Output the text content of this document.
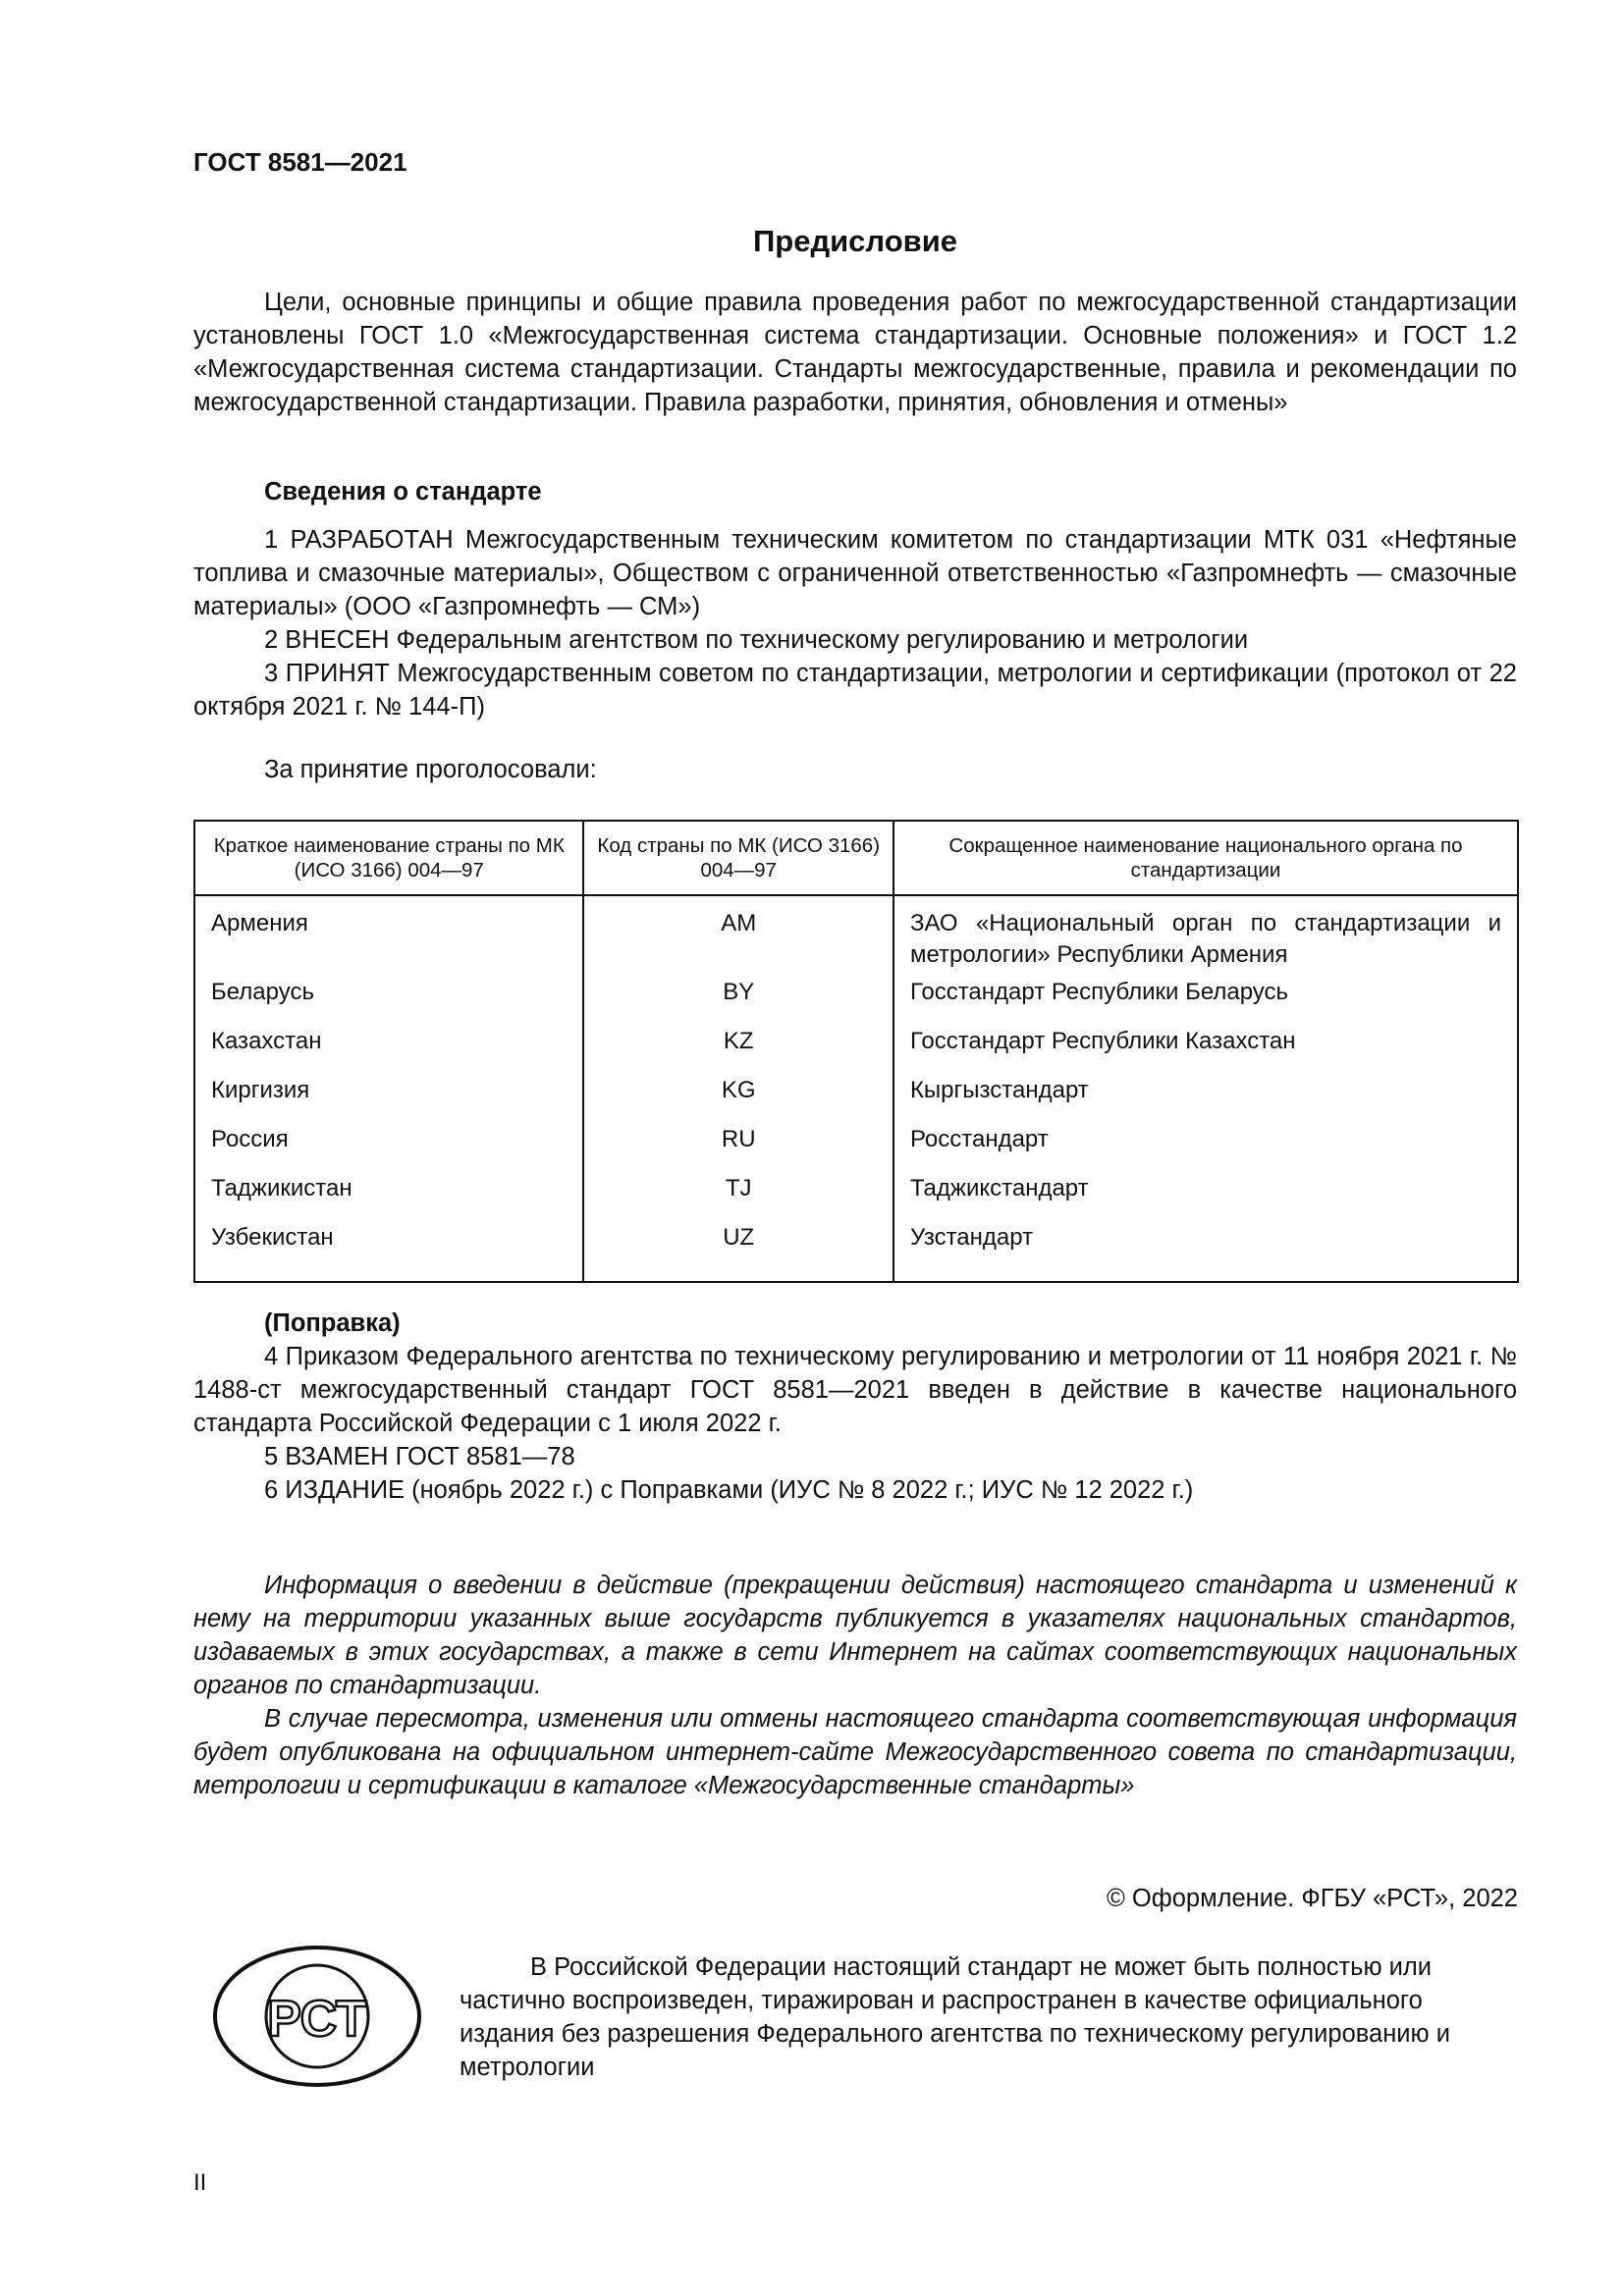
ГОСТ 8581—2021
Предисловие

Цели, основные принципы и общие правила проведения работ по межгосударственной стандартизации установлены ГОСТ 1.0 «Межгосударственная система стандартизации. Основные положения» и ГОСТ 1.2 «Межгосударственная система стандартизации. Стандарты межгосударственные, правила и рекомендации по межгосударственной стандартизации. Правила разработки, принятия, обновления и отмены»

Сведения о стандарте

1 РАЗРАБОТАН Межгосударственным техническим комитетом по стандартизации МТК 031 «Нефтяные топлива и смазочные материалы», Обществом с ограниченной ответственностью «Газпромнефть — смазочные материалы» (ООО «Газпромнефть — СМ»)

2 ВНЕСЕН Федеральным агентством по техническому регулированию и метрологии

3 ПРИНЯТ Межгосударственным советом по стандартизации, метрологии и сертификации (протокол от 22 октября 2021 г. № 144-П)

За принятие проголосовали:
Краткое наименование страны по МК (ИСО 3166) 004—97	Код страны по МК (ИСО 3166) 004—97	Сокращенное наименование национального органа по стандартизации
Армения	AM	ЗАО «Национальный орган по стандартизации и метрологии» Республики Армения
Беларусь	BY	Госстандарт Республики Беларусь
Казахстан	KZ	Госстандарт Республики Казахстан
Киргизия	KG	Кыргызстандарт
Россия	RU	Росстандарт
Таджикистан	TJ	Таджикстандарт
Узбекистан	UZ	Узстандарт
(Поправка)

4 Приказом Федерального агентства по техническому регулированию и метрологии от 11 ноября 2021 г. № 1488-ст межгосударственный стандарт ГОСТ 8581—2021 введен в действие в качестве национального стандарта Российской Федерации с 1 июля 2022 г.

5 ВЗАМЕН ГОСТ 8581—78

6 ИЗДАНИЕ (ноябрь 2022 г.) с Поправками (ИУС № 8 2022 г.; ИУС № 12 2022 г.)

Информация о введении в действие (прекращении действия) настоящего стандарта и изменений к нему на территории указанных выше государств публикуется в указателях национальных стандартов, издаваемых в этих государствах, а также в сети Интернет на сайтах соответствующих национальных органов по стандартизации.

В случае пересмотра, изменения или отмены настоящего стандарта соответствующая информация будет опубликована на официальном интернет-сайте Межгосударственного совета по стандартизации, метрологии и сертификации в каталоге «Межгосударственные стандарты»

© Оформление. ФГБУ «РСТ», 2022
РСТ

В Российской Федерации настоящий стандарт не может быть полностью или частично воспроизведен, тиражирован и распространен в качестве официального издания без разрешения Федерального агентства по техническому регулированию и метрологии

II
